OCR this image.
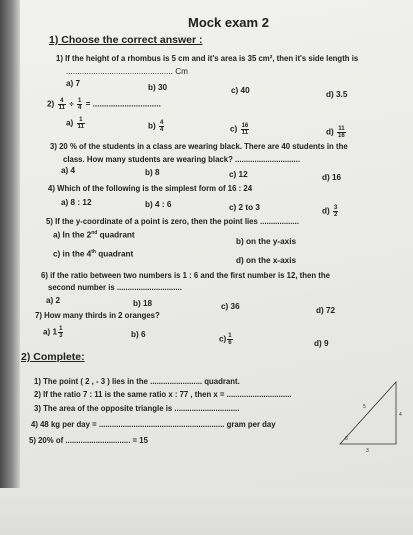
Mock exam 2
1) Choose the correct answer :
1) If the height of a rhombus is 5 cm and it's area is 35 cm², then it's side length is
............................................... Cm
a) 7	b) 30	c) 40	d) 3.5
$2) \frac{4}{11} \div \frac{1}{4}$ = ..............................
$a) \frac{1}{11}$	$b) \frac{4}{4}$	$c) \frac{16}{11}$	$d) \frac{11}{16}$
3) 20 % of the students in a class are wearing black. There are 40 students in the
class. How many students are wearing black? ..............................
a) 4	b) 8	c) 12	d) 16
4) Which of the following is the simplest form of 16 : 24
a) 8 : 12	b) 4 : 6	c) 2 to 3	$d) \frac{3}{2}$
5) If the y-coordinate of a point is zero, then the point lies ..................
a) In the 2nd quadrant
b) on the y-axis
c) in the 4th quadrant
d) on the x-axis
6) if the ratio between two numbers is 1 : 6 and the first number is 12, then the
second number is ..............................
a) 2	b) 18	c) 36	d) 72
7) How many thirds in 2 oranges?
a) $1 \frac{1}{3}$	b) 6
$c) \frac{1}{6}$	d) 9
2) Complete:
1) The point ( 2 , - 3 ) lies in the ........................ quadrant.
2) If the ratio 7 : 11 is the same ratio x : 77 , then x = ..............................
3) The area of the opposite triangle is ..............................
4) 48 kg per day = .......................................................... gram per day
5) 20% of .............................. = 15
5
4
3
6
